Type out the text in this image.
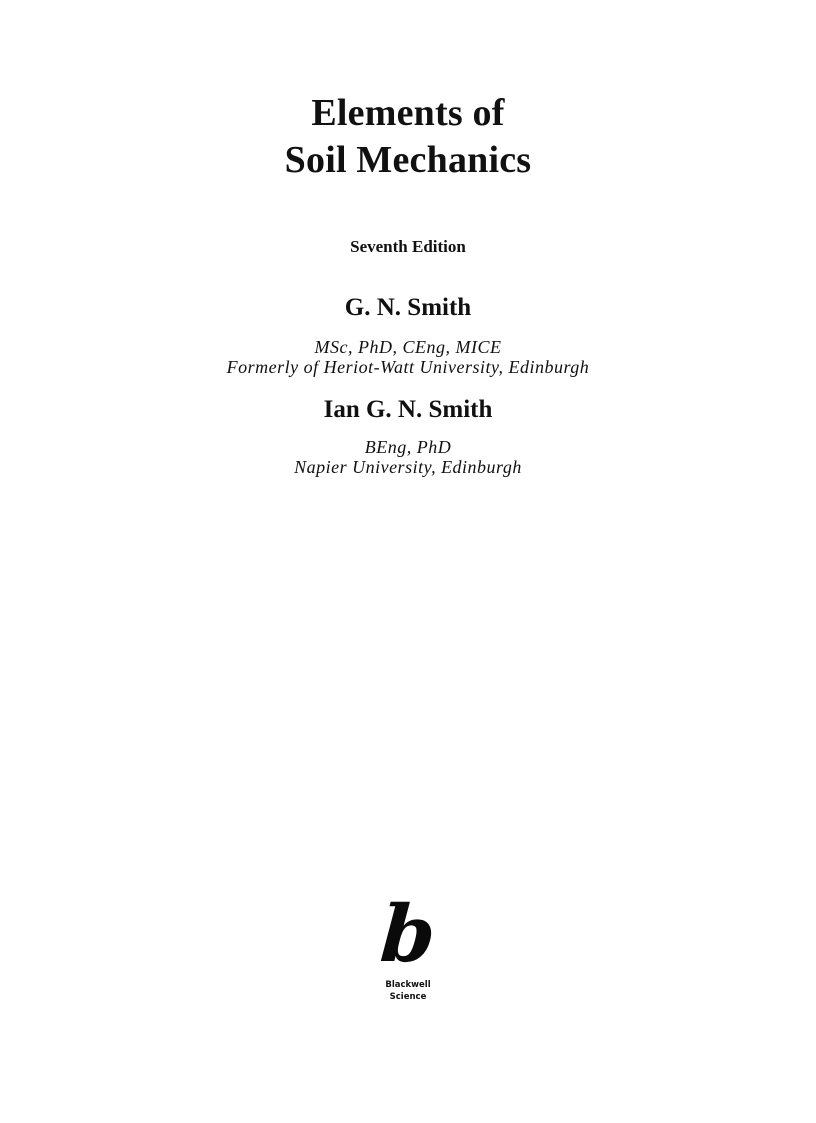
Elements of
Soil Mechanics
Seventh Edition
G. N. Smith
MSc, PhD, CEng, MICE
Formerly of Heriot-Watt University, Edinburgh
Ian G. N. Smith
BEng, PhD
Napier University, Edinburgh
b
Blackwell
Science
